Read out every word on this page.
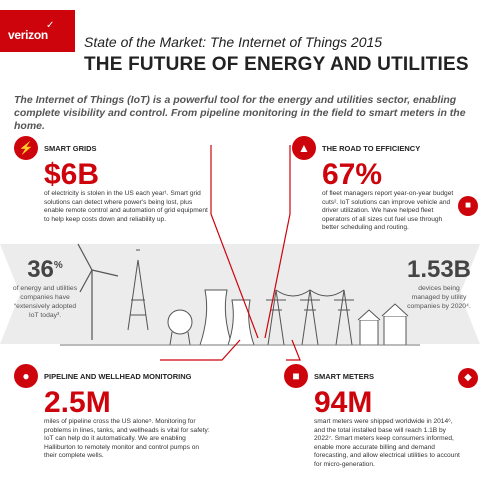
✓
verizon	State of the Market: The Internet of Things 2015
THE FUTURE OF ENERGY AND UTILITIES
The Internet of Things (IoT) is a powerful tool for the energy and utilities sector, enabling complete visibility and control. From pipeline monitoring in the field to smart meters in the home.
⚡	SMART GRIDS
$6B
of electricity is stolen in the US each year¹. Smart grid solutions can detect where power's being lost, plus enable remote control and automation of grid equipment to help keep costs down and reliability up.
▲	THE ROAD TO EFFICIENCY
67%
of fleet managers report year-on-year budget cuts². IoT solutions can improve vehicle and driver utilization. We have helped fleet operators of all sizes cut fuel use through better scheduling and routing.
■
36%
of energy and utilities companies have “extensively adopted IoT today³.
1.53B
devices being managed by utility companies by 2020⁴.
●	PIPELINE AND WELLHEAD MONITORING
2.5M
miles of pipeline cross the US alone⁵. Monitoring for problems in lines, tanks, and wellheads is vital for safety: IoT can help do it automatically. We are enabling Halliburton to remotely monitor and control pumps on their complete wells.
■	SMART METERS
94M
smart meters were shipped worldwide in 2014⁶, and the total installed base will reach 1.1B by 2022⁷. Smart meters keep consumers informed, enable more accurate billing and demand forecasting, and allow electrical utilities to account for micro-generation.
◆
